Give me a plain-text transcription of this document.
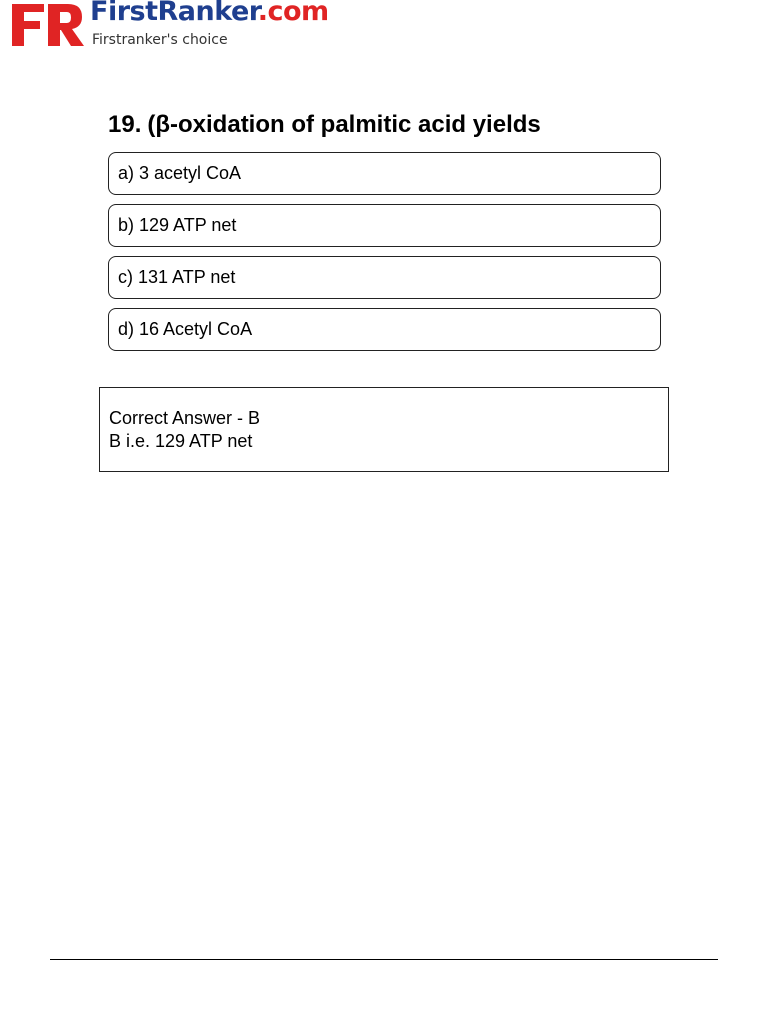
FirstRanker.com
Firstranker's choice
19. (β-oxidation of palmitic acid yields
a) 3 acetyl CoA
b) 129 ATP net
c) 131 ATP net
d) 16 Acetyl CoA
Correct Answer - B
B i.e. 129 ATP net
